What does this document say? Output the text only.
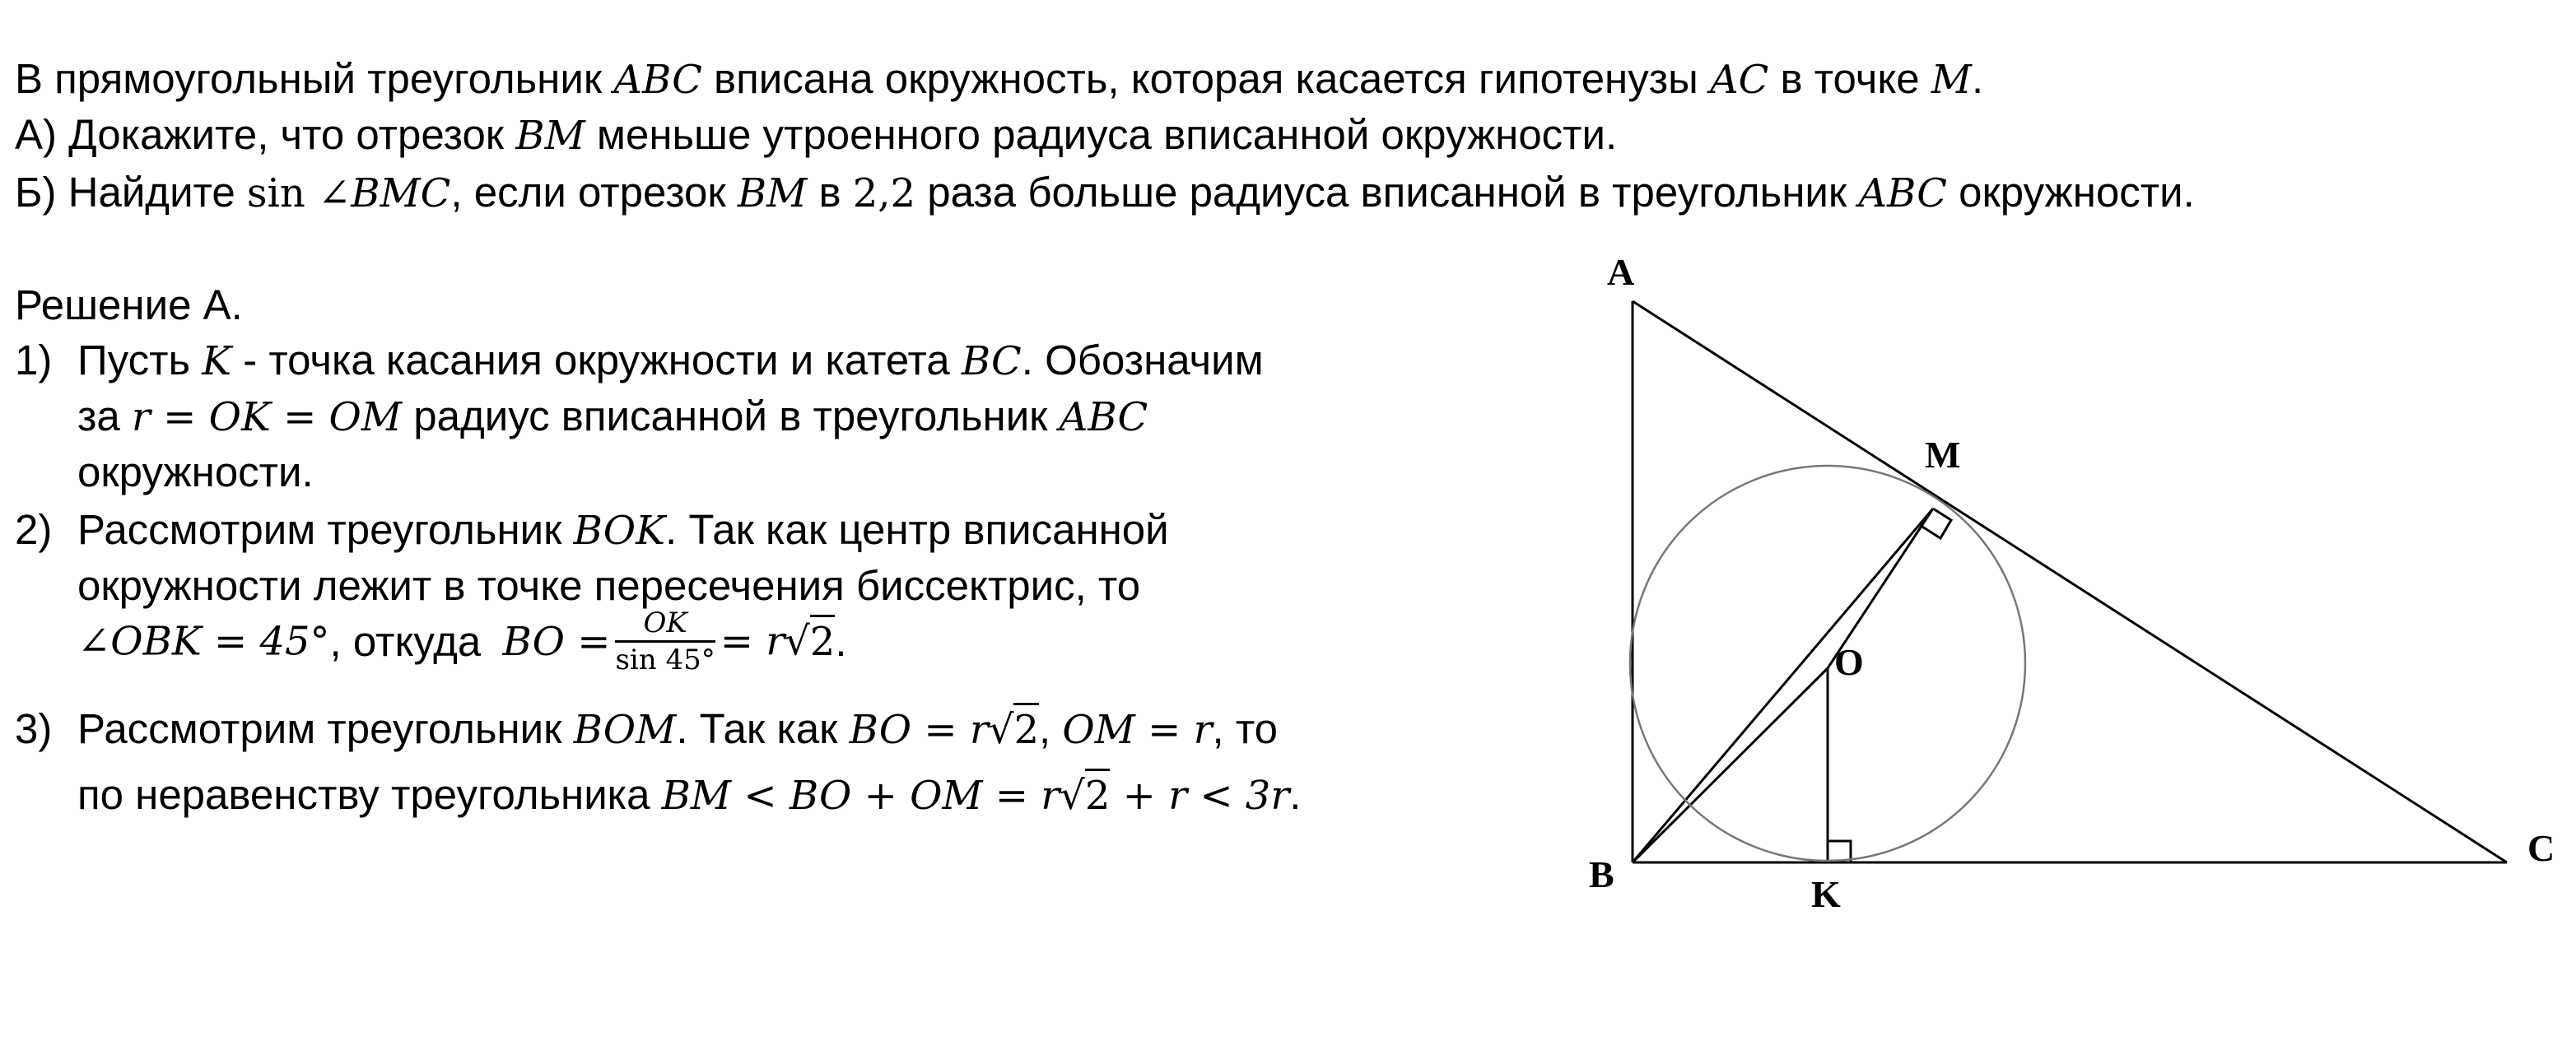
В прямоугольный треугольник ABC вписана окружность, которая касается гипотенузы AC в точке M.
А) Докажите, что отрезок BM меньше утроенного радиуса вписанной окружности.
Б) Найдите sin ∠BMC, если отрезок BM в 2,2 раза больше радиуса вписанной в треугольник ABC окружности.
Решение А.
1) Пусть K - точка касания окружности и катета BC. Обозначим
за r = OK = OM радиус вписанной в треугольник ABC
окружности.
2) Рассмотрим треугольник BOK. Так как центр вписанной
окружности лежит в точке пересечения биссектрис, то
∠OBK = 45°, откуда BO = $\frac{OK}{\sin 45^\circ} = r√2$.
3) Рассмотрим треугольник BOM. Так как BO = r√2, OM = r, то
по неравенству треугольника BM < BO + OM = r√2 + r < 3r.
A
B
C
M
O
K
